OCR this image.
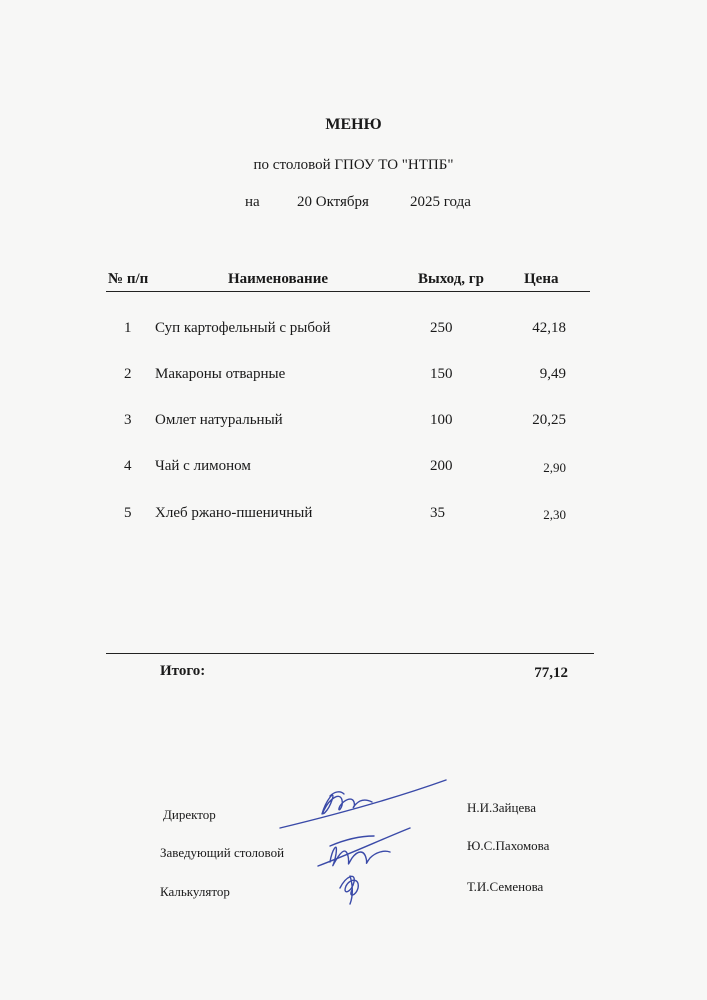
МЕНЮ
по столовой ГПОУ ТО "НТПБ"
на 20 Октября	2025 года
№ п/п	Наименование	Выход, гр	Цена
1 Суп картофельный с рыбой	250	42,18
2 Макароны отварные	150	9,49
3 Омлет натуральный	100	20,25
4 Чай с лимоном	200	2,90
5 Хлеб ржано-пшеничный	35	2,30
Итого:	77,12
Директор	Н.И.Зайцева
Заведующий столовой	Ю.С.Пахомова
Калькулятор	Т.И.Семенова
